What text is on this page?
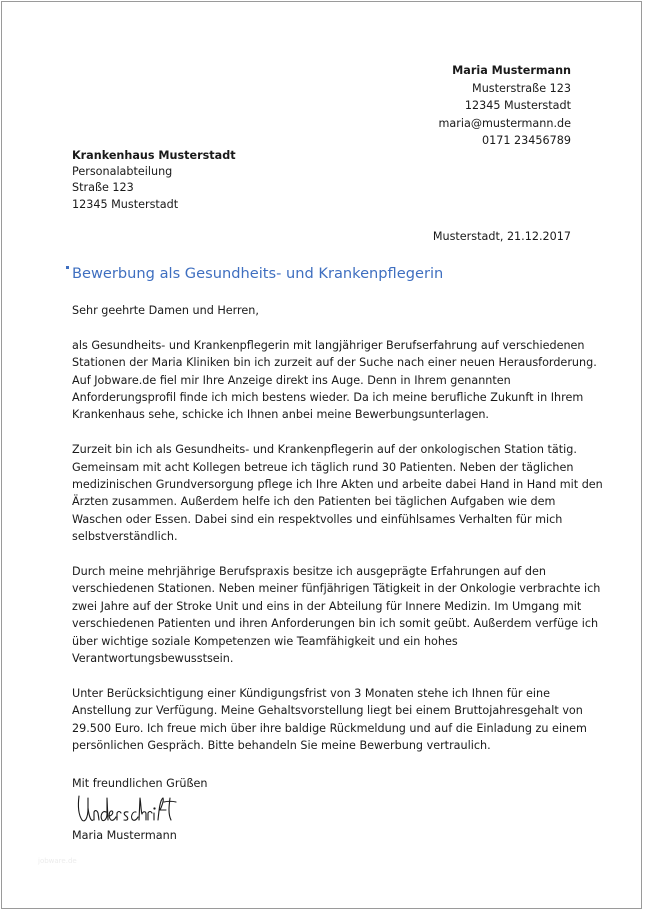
Maria Mustermann
Musterstraße 123
12345 Musterstadt
maria@mustermann.de
0171 23456789
Krankenhaus Musterstadt
Personalabteilung
Straße 123
12345 Musterstadt
Musterstadt, 21.12.2017
Bewerbung als Gesundheits- und Krankenpflegerin

Sehr geehrte Damen und Herren,

als Gesundheits- und Krankenpflegerin mit langjähriger Berufserfahrung auf verschiedenen
Stationen der Maria Kliniken bin ich zurzeit auf der Suche nach einer neuen Herausforderung.
Auf Jobware.de fiel mir Ihre Anzeige direkt ins Auge. Denn in Ihrem genannten
Anforderungsprofil finde ich mich bestens wieder. Da ich meine berufliche Zukunft in Ihrem
Krankenhaus sehe, schicke ich Ihnen anbei meine Bewerbungsunterlagen.

Zurzeit bin ich als Gesundheits- und Krankenpflegerin auf der onkologischen Station tätig.
Gemeinsam mit acht Kollegen betreue ich täglich rund 30 Patienten. Neben der täglichen
medizinischen Grundversorgung pflege ich Ihre Akten und arbeite dabei Hand in Hand mit den
Ärzten zusammen. Außerdem helfe ich den Patienten bei täglichen Aufgaben wie dem
Waschen oder Essen. Dabei sind ein respektvolles und einfühlsames Verhalten für mich
selbstverständlich.

Durch meine mehrjährige Berufspraxis besitze ich ausgeprägte Erfahrungen auf den
verschiedenen Stationen. Neben meiner fünfjährigen Tätigkeit in der Onkologie verbrachte ich
zwei Jahre auf der Stroke Unit und eins in der Abteilung für Innere Medizin. Im Umgang mit
verschiedenen Patienten und ihren Anforderungen bin ich somit geübt. Außerdem verfüge ich
über wichtige soziale Kompetenzen wie Teamfähigkeit und ein hohes
Verantwortungsbewusstsein.

Unter Berücksichtigung einer Kündigungsfrist von 3 Monaten stehe ich Ihnen für eine
Anstellung zur Verfügung. Meine Gehaltsvorstellung liegt bei einem Bruttojahresgehalt von
29.500 Euro. Ich freue mich über ihre baldige Rückmeldung und auf die Einladung zu einem
persönlichen Gespräch. Bitte behandeln Sie meine Bewerbung vertraulich.

Mit freundlichen Grüßen
Maria Mustermann
jobware.de
